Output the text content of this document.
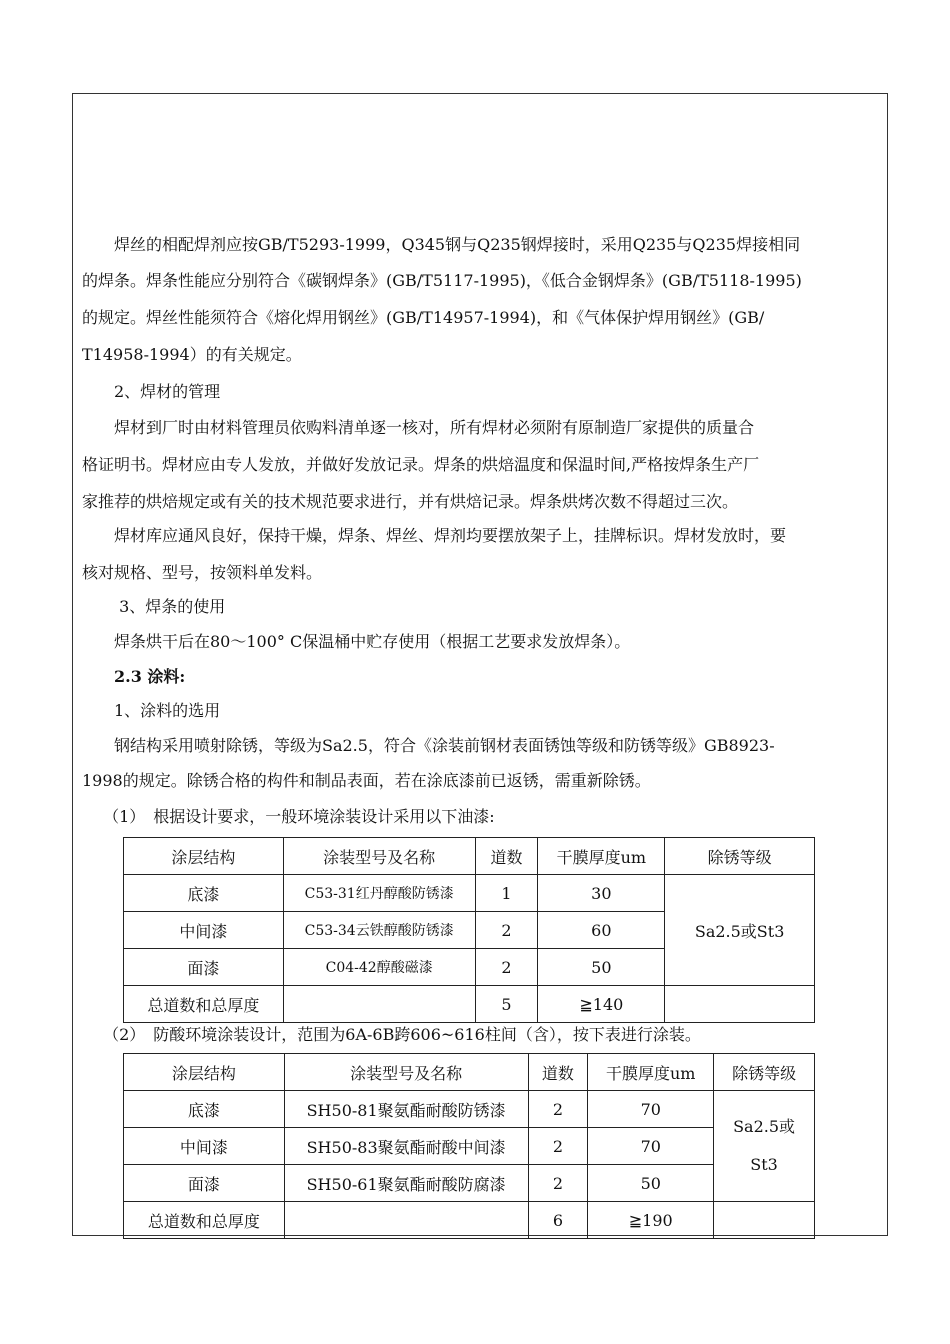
　　焊丝的相配焊剂应按GB/T5293-1999，Q345钢与Q235钢焊接时，采用Q235与Q235焊接相同
的焊条。焊条性能应分别符合《碳钢焊条》(GB/T5117-1995)，《低合金钢焊条》(GB/T5118-1995)
的规定。焊丝性能须符合《熔化焊用钢丝》(GB/T14957-1994)，和《气体保护焊用钢丝》(GB/
T14958-1994）的有关规定。
　　2、焊材的管理
　　焊材到厂时由材料管理员依购料清单逐一核对，所有焊材必须附有原制造厂家提供的质量合
格证明书。焊材应由专人发放，并做好发放记录。焊条的烘焙温度和保温时间,严格按焊条生产厂
家推荐的烘焙规定或有关的技术规范要求进行，并有烘焙记录。焊条烘烤次数不得超过三次。
　　焊材库应通风良好，保持干燥，焊条、焊丝、焊剂均要摆放架子上，挂牌标识。焊材发放时，要
核对规格、型号，按领料单发料。
　　 3、焊条的使用
　　焊条烘干后在80～100° C保温桶中贮存使用（根据工艺要求发放焊条）。
　　2.3 涂料:
　　1、涂料的选用
　　钢结构采用喷射除锈，等级为Sa2.5，符合《涂装前钢材表面锈蚀等级和防锈等级》GB8923-
1998的规定。除锈合格的构件和制品表面，若在涂底漆前已返锈，需重新除锈。
　 （1）　根据设计要求，一般环境涂装设计采用以下油漆:
涂层结构	涂装型号及名称	道数	干膜厚度um	除锈等级
底漆	C53-31红丹醇酸防锈漆	1	30	Sa2.5或St3
中间漆	C53-34云铁醇酸防锈漆	2	60	
面漆	C04-42醇酸磁漆	2	50	
总道数和总厚度		5	≧140	
　 （2）　防酸环境涂装设计，范围为6A-6B跨606~616柱间（含），按下表进行涂装。
涂层结构	涂装型号及名称	道数	干膜厚度um	除锈等级
底漆	SH50-81聚氨酯耐酸防锈漆	2	70	Sa2.5或
St3

中间漆	SH50-83聚氨酯耐酸中间漆	2	70	
面漆	SH50-61聚氨酯耐酸防腐漆	2	50	
总道数和总厚度		6	≧190	
